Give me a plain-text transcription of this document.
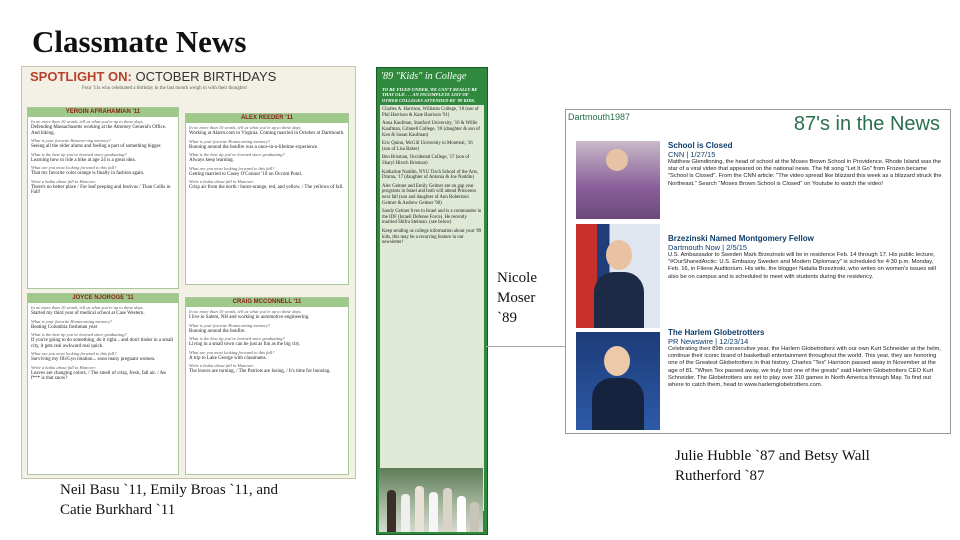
Classmate News
SPOTLIGHT ON: OCTOBER BIRTHDAYS
Four '11s who celebrated a birthday in the last month weigh in with their thoughts!
YERGIN AFRAHAMIAN '11
In no more than 10 words, tell us what you're up to these days.
Defending Massachusetts working at the Attorney General's Office. And biking.
What is your favorite Hanover-ing memory?
Seeing all the older alums and feeling a part of something bigger.
What is the best tip you've learned since graduating?
Learning how to ride a bike at age 24 is a great idea.
What are you most looking forward to this fall?
That my favorite color orange is finally in fashion again.
Write a haiku about fall in Hanover.
There's no better place / For leaf peeping and festivus / Than Collis in Fall!
ALEX REEDER '11
In no more than 10 words, tell us what you're up to these days.
Working at Alarm.com in Virginia. Coming married in October at Dartmouth.
What is your favorite Homecoming memory?
Running around the bonfire was a once-in-a-lifetime experience.
What is the best tip you've learned since graduating?
Always keep learning.
What are you most looking forward to this fall?
Getting married to Casey O'Connor '10 on Occom Pond.
Write a haiku about fall in Hanover.
Crisp air from the north / burnt-orange, red, and yellow. / The yellows of fall.
JOYCE NJOROGE '11
In no more than 10 words, tell us what you're up to these days.
Started my third year of medical school at Case Western.
What is your favorite Homecoming memory?
Beating Columbia freshman year
What is the best tip you've learned since graduating?
If you're going to do something, do it right... and don't tinder in a small city, it gets real awkward real quick.
What are you most looking forward to this fall?
Surviving my Ob/Gyn rotation... sooo many pregnant women.
Write a haiku about fall in Hanover.
Leaves are changing colors, / The smell of crisp, fresh, fall air. / Aw f*** is that snow?
CRAIG MCCONNELL '11
In no more than 10 words, tell us what you're up to these days.
I live in Salem, NH and working in automotive engineering.
What is your favorite Homecoming memory?
Running around the bonfire.
What is the best tip you've learned since graduating?
Living in a small town can be just as fun as the big city.
What are you most looking forward to this fall?
A trip to Lake George with classmates.
Write a haiku about fall in Hanover.
The leaves are turning, / The Patriots are losing, / It's time for boozing.
Neil Basu `11, Emily Broas `11, and Catie Burkhard `11
'89 "Kids" in College
TO BE FILED UNDER, WE CAN'T REALLY BE THAT OLD . . . AN INCOMPLETE LIST OF OTHER COLLEGES ATTENDED BY '89 KIDS.
Charles A. Harrison, Williams College, '18 (son of Phil Harrison & Kate Harrison '91)
Anna Kaufman, Stanford University, '16 & Willie Kaufman, Grinnell College, '18 (daughter & son of Ken & Susan Kaufman)
Eric Quinn, McGill University in Montreal, '16 (son of Lisa Baker)
Ben Brisman, Occidental College, '17 (son of Sharyl Hirsch Brisman)
Katharine Noddin, NYU Tisch School of the Arts, Drama, '17 (daughter of Antonia & Joe Noddin)
Alec Geitner and Emily Geitner are on gap year programs in Israel and both will attend Princeton next fall (son and daughter of Ann Robertson Geitner & Andrew Geitner '90)
Sandy Geitner lives in Israel and is a commander in the IDF (Israeli Defense Force). He recently married Shifra Steiman. (see below)
Keep sending us college information about your '89 kids, this may be a recurring feature in our newsletter!
Nicole Moser `89
Dartmouth1987	87's in the News
School is Closed
CNN | 1/27/15
Matthew Glendinning, the head of school at the Moses Brown School in Providence, Rhode Island was the star of a viral video that appeared on the national news. The hit song "Let It Go" from Frozen became "School is Closed". From the CNN article: "The video spread like blizzard this week as a blizzard struck the Northeast." Search "Moses Brown School is Closed" on Youtube to watch the video!
Brzezinski Named Montgomery Fellow
Dartmouth Now | 2/5/15
U.S. Ambassador to Sweden Mark Brzezinski will be in residence Feb. 14 through 17. His public lecture, "#OurSharedArctic: U.S. Embassy Sweden and Modern Diplomacy" is scheduled for 4:30 p.m. Monday, Feb. 16, in Filene Auditorium. His wife, the blogger Natalia Brzezinski, who writes on women's issues will also be on campus and is scheduled to meet with students during the residency.
The Harlem Globetrotters
PR Newswire | 12/23/14
Celebrating their 89th consecutive year, the Harlem Globetrotters with our own Kurt Schneider at the helm, continue their iconic brand of basketball entertainment throughout the world. This year, they are honoring one of the Greatest Globetrotters in that history. Charles "Tex" Harrison passed away in November at the age of 81. "When Tex passed away, we truly lost one of the greats" said Harlem Globetrotters CEO Kurt Schneider. The Globetrotters are set to play over 310 games in North America through May. To find out where to catch them, head to www.harlemglobetrotters.com.
Julie Hubble `87 and Betsy Wall Rutherford `87
